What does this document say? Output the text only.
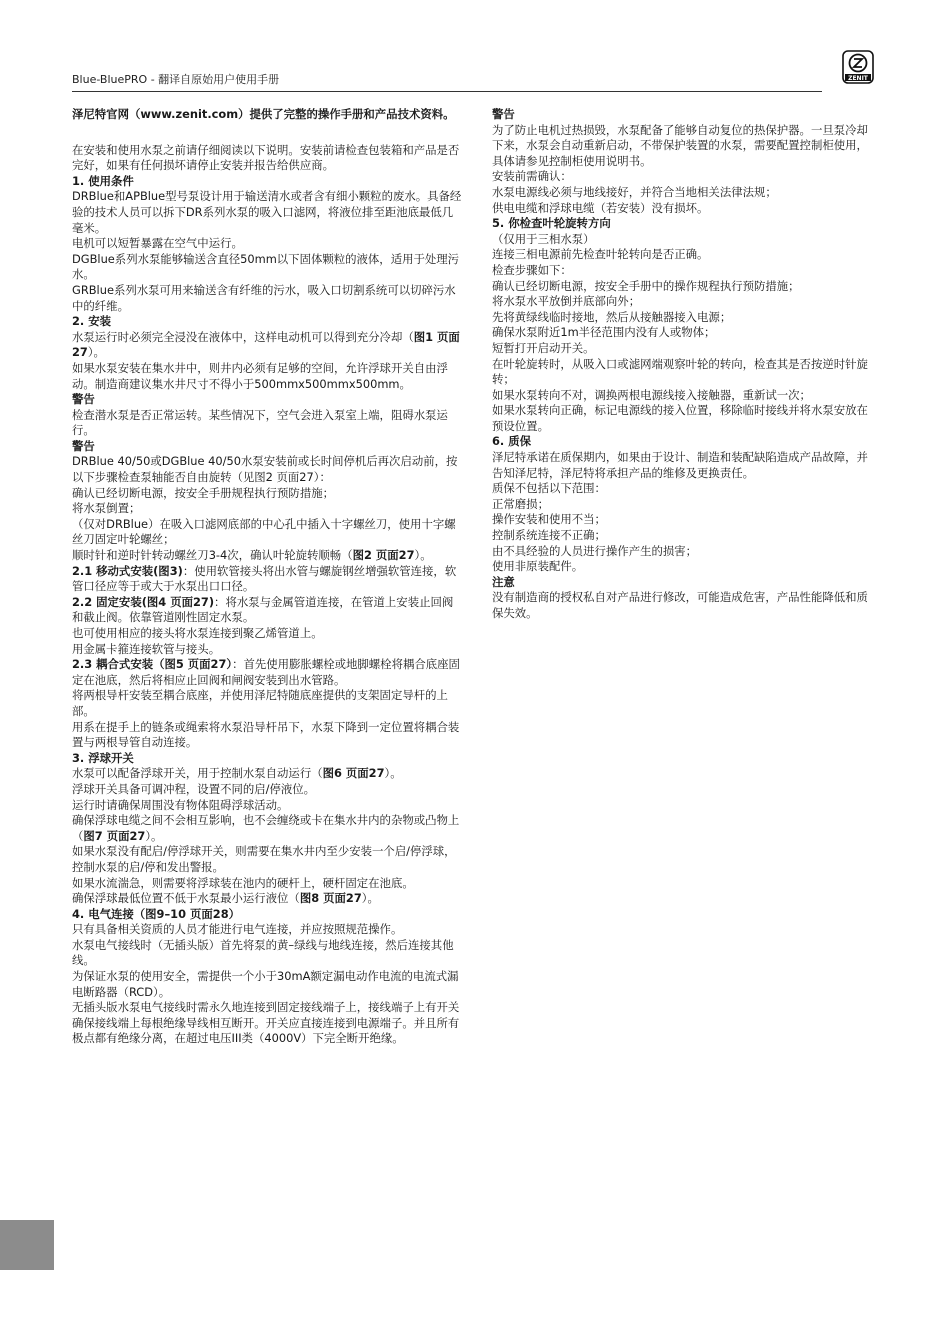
Blue-BluePRO - 翻译自原始用户使用手册	ZENIT

泽尼特官网（www.zenit.com）提供了完整的操作手册和产品技术资料。

在安装和使用水泵之前请仔细阅读以下说明。安装前请检查包装箱和产品是否完好，如果有任何损坏请停止安装并报告给供应商。

1. 使用条件

DRBlue和APBlue型号泵设计用于输送清水或者含有细小颗粒的废水。具备经验的技术人员可以拆下DR系列水泵的吸入口滤网，将液位排至距池底最低几毫米。

电机可以短暂暴露在空气中运行。

DGBlue系列水泵能够输送含直径50mm以下固体颗粒的液体，适用于处理污水。

GRBlue系列水泵可用来输送含有纤维的污水，吸入口切割系统可以切碎污水中的纤维。

2. 安装

水泵运行时必须完全浸没在液体中，这样电动机可以得到充分冷却（图1 页面27）。

如果水泵安装在集水井中，则井内必须有足够的空间，允许浮球开关自由浮动。制造商建议集水井尺寸不得小于500mmx500mmx500mm。

警告

检查潜水泵是否正常运转。某些情况下，空气会进入泵室上端，阻碍水泵运行。

警告

DRBlue 40/50或DGBlue 40/50水泵安装前或长时间停机后再次启动前，按以下步骤检查泵轴能否自由旋转（见图2 页面27）：

确认已经切断电源，按安全手册规程执行预防措施；

将水泵倒置；

（仅对DRBlue）在吸入口滤网底部的中心孔中插入十字螺丝刀，使用十字螺丝刀固定叶轮螺丝；

顺时针和逆时针转动螺丝刀3-4次，确认叶轮旋转顺畅（图2 页面27）。

2.1 移动式安装(图3)：使用软管接头将出水管与螺旋钢丝增强软管连接，软管口径应等于或大于水泵出口口径。

2.2 固定安装(图4 页面27)：将水泵与金属管道连接，在管道上安装止回阀和截止阀。依靠管道刚性固定水泵。

也可使用相应的接头将水泵连接到聚乙烯管道上。

用金属卡箍连接软管与接头。

2.3 耦合式安装（图5 页面27）：首先使用膨胀螺栓或地脚螺栓将耦合底座固定在池底，然后将相应止回阀和闸阀安装到出水管路。

将两根导杆安装至耦合底座，并使用泽尼特随底座提供的支架固定导杆的上部。

用系在提手上的链条或绳索将水泵沿导杆吊下，水泵下降到一定位置将耦合装置与两根导管自动连接。

3. 浮球开关

水泵可以配备浮球开关，用于控制水泵自动运行（图6 页面27）。

浮球开关具备可调冲程，设置不同的启/停液位。

运行时请确保周围没有物体阻碍浮球活动。

确保浮球电缆之间不会相互影响，也不会缠绕或卡在集水井内的杂物或凸物上（图7 页面27）。

如果水泵没有配启/停浮球开关，则需要在集水井内至少安装一个启/停浮球，控制水泵的启/停和发出警报。

如果水流湍急，则需要将浮球装在池内的硬杆上，硬杆固定在池底。

确保浮球最低位置不低于水泵最小运行液位（图8 页面27）。

4. 电气连接（图9–10 页面28）

只有具备相关资质的人员才能进行电气连接，并应按照规范操作。

水泵电气接线时（无插头版）首先将泵的黄–绿线与地线连接，然后连接其他线。

为保证水泵的使用安全，需提供一个小于30mA额定漏电动作电流的电流式漏电断路器（RCD）。

无插头版水泵电气接线时需永久地连接到固定接线端子上，接线端子上有开关确保接线端上每根绝缘导线相互断开。开关应直接连接到电源端子。并且所有极点都有绝缘分离，在超过电压III类（4000V）下完全断开绝缘。

警告

为了防止电机过热损毁，水泵配备了能够自动复位的热保护器。一旦泵冷却下来，水泵会自动重新启动，不带保护装置的水泵，需要配置控制柜使用，具体请参见控制柜使用说明书。

安装前需确认：

水泵电源线必须与地线接好，并符合当地相关法律法规；

供电电缆和浮球电缆（若安装）没有损坏。

5. 你检查叶轮旋转方向

（仅用于三相水泵）

连接三相电源前先检查叶轮转向是否正确。

检查步骤如下：

确认已经切断电源，按安全手册中的操作规程执行预防措施；

将水泵水平放倒并底部向外；

先将黄绿线临时接地，然后从接触器接入电源；

确保水泵附近1m半径范围内没有人或物体；

短暂打开启动开关。

在叶轮旋转时，从吸入口或滤网端观察叶轮的转向，检查其是否按逆时针旋转；

如果水泵转向不对，调换两根电源线接入接触器，重新试一次；

如果水泵转向正确，标记电源线的接入位置，移除临时接线并将水泵安放在预设位置。

6. 质保

泽尼特承诺在质保期内，如果由于设计、制造和装配缺陷造成产品故障，并告知泽尼特，泽尼特将承担产品的维修及更换责任。

质保不包括以下范围：

正常磨损；

操作安装和使用不当；

控制系统连接不正确；

由不具经验的人员进行操作产生的损害；

使用非原装配件。

注意

没有制造商的授权私自对产品进行修改，可能造成危害，产品性能降低和质保失效。
